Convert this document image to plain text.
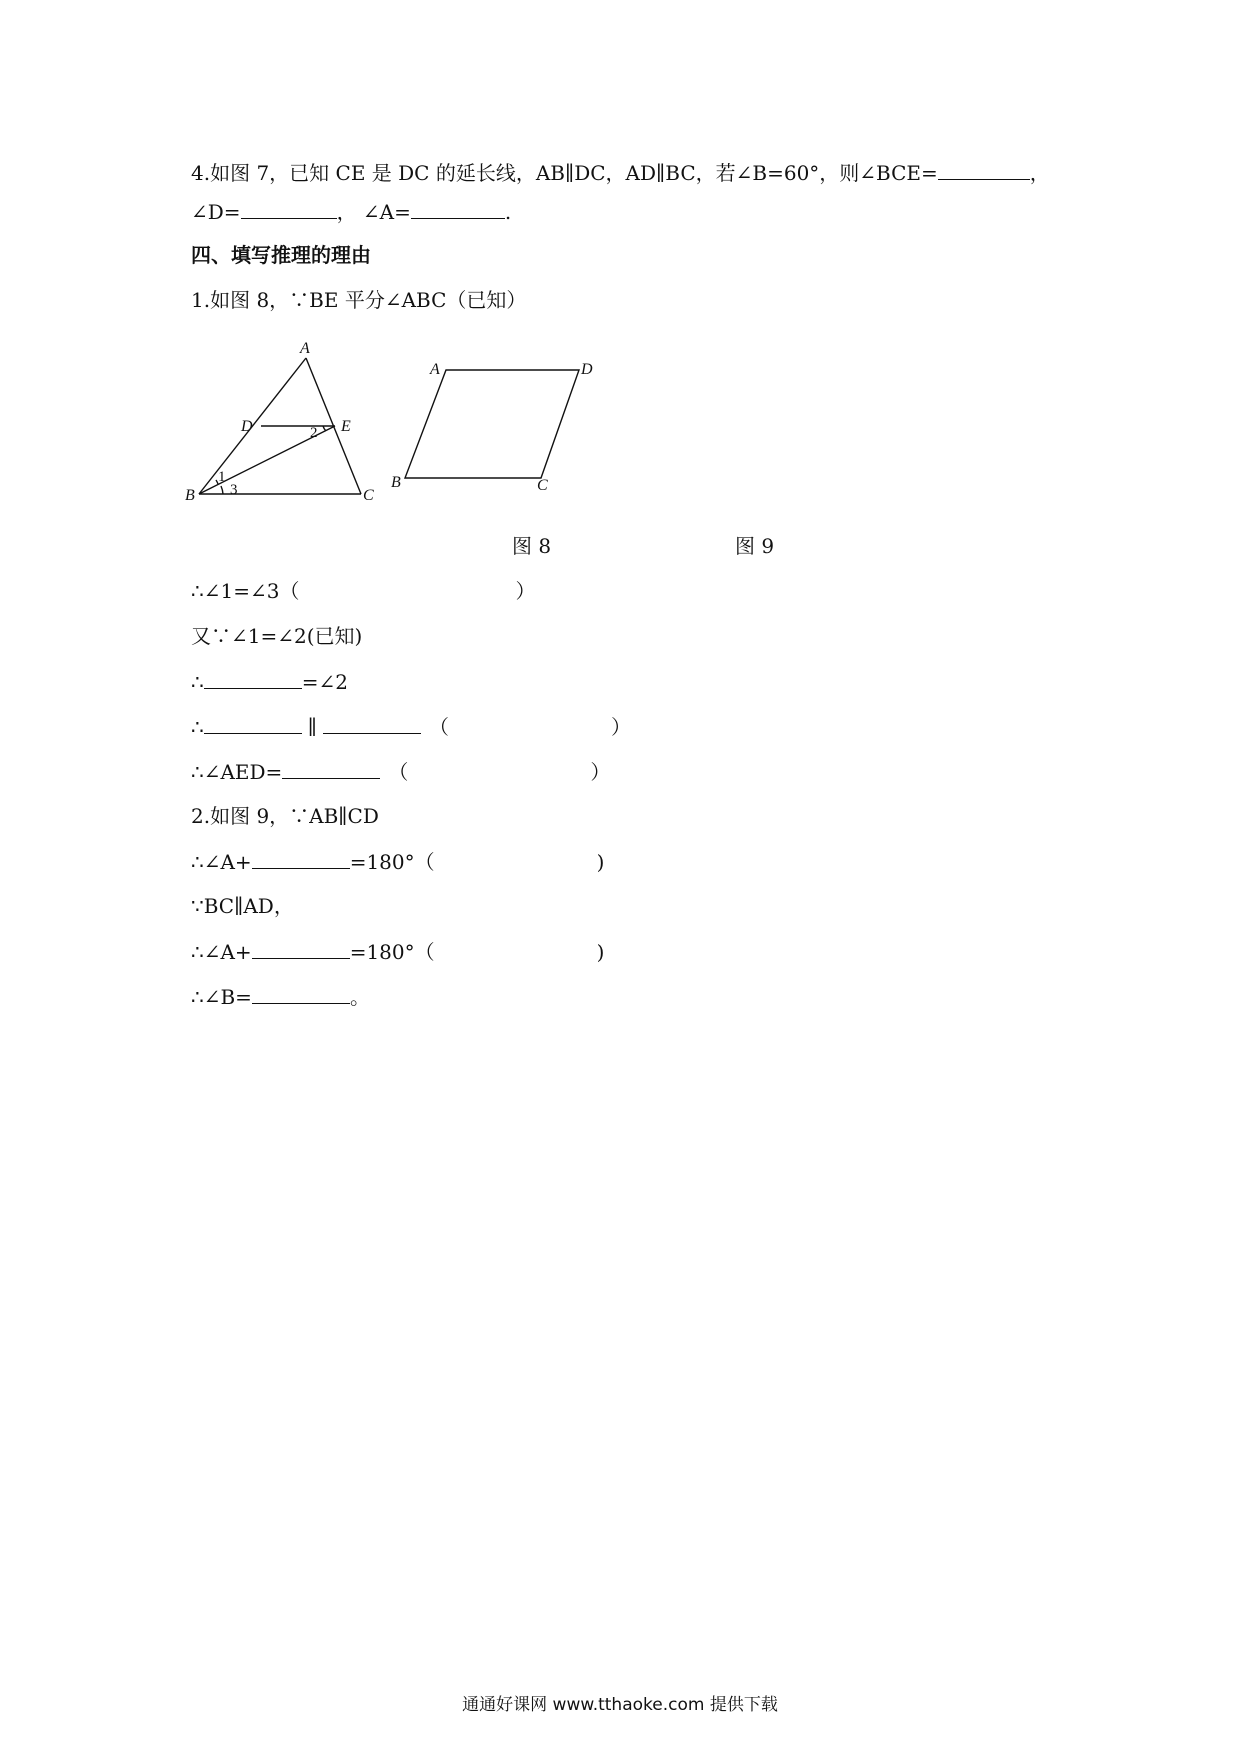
4.如图 7，已知 CE 是 DC 的延长线，AB∥DC，AD∥BC，若∠B=60°，则∠BCE=	，
∠D=	， ∠A=	.
四、填写推理的理由
1.如图 8，∵BE 平分∠ABC（已知）
A
B	C
D	E
1
2
3
A	D
B	C
图 8	图 9
∴∠1=∠3（	）
又∵∠1=∠2(已知)
∴	=∠2
∴	∥	（	）
∴∠AED=	（	）
2.如图 9，∵AB∥CD
∴∠A+	=180°（	)
∵BC∥AD，
∴∠A+	=180°（	)
∴∠B=	。
通通好课网 www.tthaoke.com 提供下载
